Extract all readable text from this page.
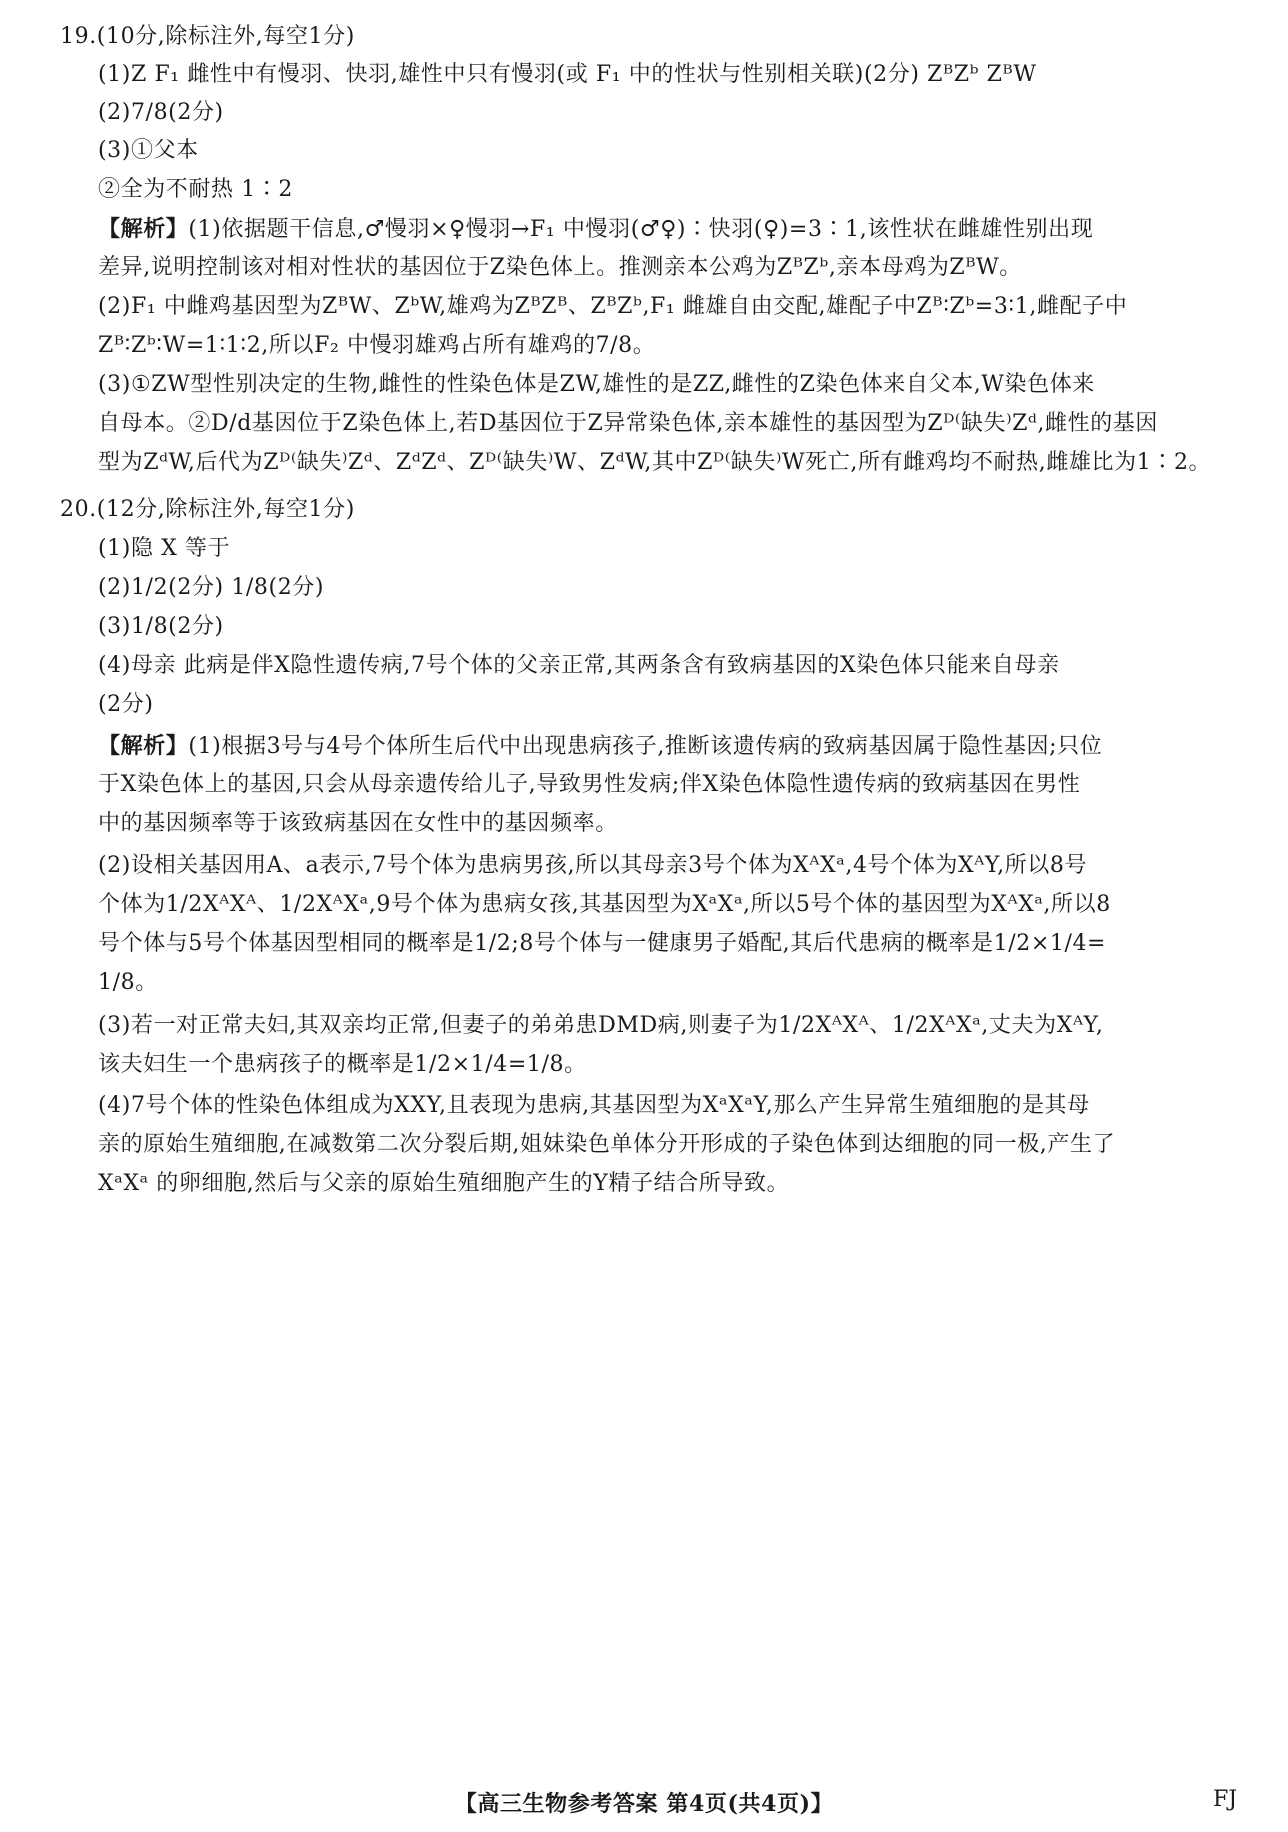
19.(10分,除标注外,每空1分)
(1)Z F₁ 雌性中有慢羽、快羽,雄性中只有慢羽(或 F₁ 中的性状与性别相关联)(2分) ZᴮZᵇ ZᴮW
(2)7/8(2分)
(3)①父本
②全为不耐热 1∶2
【解析】(1)依据题干信息,♂慢羽×♀慢羽→F₁ 中慢羽(♂♀)∶快羽(♀)=3∶1,该性状在雌雄性别出现
差异,说明控制该对相对性状的基因位于Z染色体上。推测亲本公鸡为ZᴮZᵇ,亲本母鸡为ZᴮW。
(2)F₁ 中雌鸡基因型为ZᴮW、ZᵇW,雄鸡为ZᴮZᴮ、ZᴮZᵇ,F₁ 雌雄自由交配,雄配子中Zᴮ∶Zᵇ=3∶1,雌配子中
Zᴮ∶Zᵇ∶W=1∶1∶2,所以F₂ 中慢羽雄鸡占所有雄鸡的7/8。
(3)①ZW型性别决定的生物,雌性的性染色体是ZW,雄性的是ZZ,雌性的Z染色体来自父本,W染色体来
自母本。②D/d基因位于Z染色体上,若D基因位于Z异常染色体,亲本雄性的基因型为Zᴰ⁽缺失⁾Zᵈ,雌性的基因
型为ZᵈW,后代为Zᴰ⁽缺失⁾Zᵈ、ZᵈZᵈ、Zᴰ⁽缺失⁾W、ZᵈW,其中Zᴰ⁽缺失⁾W死亡,所有雌鸡均不耐热,雌雄比为1∶2。
20.(12分,除标注外,每空1分)
(1)隐 X 等于
(2)1/2(2分) 1/8(2分)
(3)1/8(2分)
(4)母亲 此病是伴X隐性遗传病,7号个体的父亲正常,其两条含有致病基因的X染色体只能来自母亲
(2分)
【解析】(1)根据3号与4号个体所生后代中出现患病孩子,推断该遗传病的致病基因属于隐性基因;只位
于X染色体上的基因,只会从母亲遗传给儿子,导致男性发病;伴X染色体隐性遗传病的致病基因在男性
中的基因频率等于该致病基因在女性中的基因频率。
(2)设相关基因用A、a表示,7号个体为患病男孩,所以其母亲3号个体为XᴬXᵃ,4号个体为XᴬY,所以8号
个体为1/2XᴬXᴬ、1/2XᴬXᵃ,9号个体为患病女孩,其基因型为XᵃXᵃ,所以5号个体的基因型为XᴬXᵃ,所以8
号个体与5号个体基因型相同的概率是1/2;8号个体与一健康男子婚配,其后代患病的概率是1/2×1/4=
1/8。
(3)若一对正常夫妇,其双亲均正常,但妻子的弟弟患DMD病,则妻子为1/2XᴬXᴬ、1/2XᴬXᵃ,丈夫为XᴬY,
该夫妇生一个患病孩子的概率是1/2×1/4=1/8。
(4)7号个体的性染色体组成为XXY,且表现为患病,其基因型为XᵃXᵃY,那么产生异常生殖细胞的是其母
亲的原始生殖细胞,在减数第二次分裂后期,姐妹染色单体分开形成的子染色体到达细胞的同一极,产生了
XᵃXᵃ 的卵细胞,然后与父亲的原始生殖细胞产生的Y精子结合所导致。
【高三生物参考答案 第4页(共4页)】	FJ
